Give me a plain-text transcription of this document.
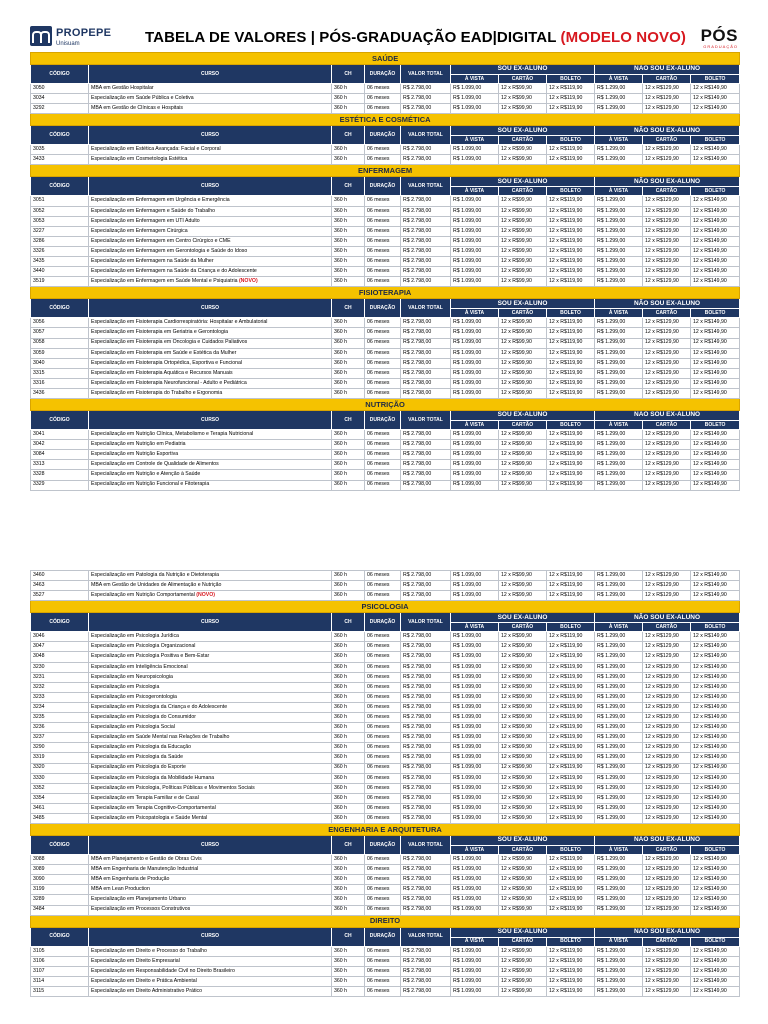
PROPEPE
Unisuam	TABELA DE VALORES | PÓS-GRADUAÇÃO EAD|DIGITAL (MODELO NOVO) PÓS
GRADUAÇÃO
SAÚDE										
CÓDIGO	CURSO	CH	DURAÇÃO	VALOR TOTAL	SOU EX-ALUNO			NÃO SOU EX-ALUNO		
					À VISTA	CARTÃO	BOLETO	À VISTA	CARTÃO	BOLETO
3050	MBA em Gestão Hospitalar	360 h	06 meses	R$ 2.798,00	R$ 1.099,00	12 x R$99,90	12 x R$119,90	R$ 1.299,00	12 x R$129,90	12 x R$149,90
3034	Especialização em Saúde Pública e Coletiva	360 h	06 meses	R$ 2.798,00	R$ 1.099,00	12 x R$99,90	12 x R$119,90	R$ 1.299,00	12 x R$129,90	12 x R$149,90
3292	MBA em Gestão de Clínicas e Hospitais	360 h	06 meses	R$ 2.798,00	R$ 1.099,00	12 x R$99,90	12 x R$119,90	R$ 1.299,00	12 x R$129,90	12 x R$149,90
ESTÉTICA E COSMÉTICA										
CÓDIGO	CURSO	CH	DURAÇÃO	VALOR TOTAL	SOU EX-ALUNO			NÃO SOU EX-ALUNO		
					À VISTA	CARTÃO	BOLETO	À VISTA	CARTÃO	BOLETO
3035	Especialização em Estética Avançada: Facial e Corporal	360 h	06 meses	R$ 2.798,00	R$ 1.099,00	12 x R$99,90	12 x R$119,90	R$ 1.299,00	12 x R$129,90	12 x R$149,90
3433	Especialização em Cosmetologia Estética	360 h	06 meses	R$ 2.798,00	R$ 1.099,00	12 x R$99,90	12 x R$119,90	R$ 1.299,00	12 x R$129,90	12 x R$149,90
ENFERMAGEM										
CÓDIGO	CURSO	CH	DURAÇÃO	VALOR TOTAL	SOU EX-ALUNO			NÃO SOU EX-ALUNO		
					À VISTA	CARTÃO	BOLETO	À VISTA	CARTÃO	BOLETO
3051	Especialização em Enfermagem em Urgência e Emergência	360 h	06 meses	R$ 2.798,00	R$ 1.099,00	12 x R$99,90	12 x R$119,90	R$ 1.299,00	12 x R$129,90	12 x R$149,90
3052	Especialização em Enfermagem e Saúde do Trabalho	360 h	06 meses	R$ 2.798,00	R$ 1.099,00	12 x R$99,90	12 x R$119,90	R$ 1.299,00	12 x R$129,90	12 x R$149,90
3053	Especialização em Enfermagem em UTI Adulto	360 h	06 meses	R$ 2.798,00	R$ 1.099,00	12 x R$99,90	12 x R$119,90	R$ 1.299,00	12 x R$129,90	12 x R$149,90
3227	Especialização em Enfermagem Cirúrgica	360 h	06 meses	R$ 2.798,00	R$ 1.099,00	12 x R$99,90	12 x R$119,90	R$ 1.299,00	12 x R$129,90	12 x R$149,90
3286	Especialização em Enfermagem em Centro Cirúrgico e CME	360 h	06 meses	R$ 2.798,00	R$ 1.099,00	12 x R$99,90	12 x R$119,90	R$ 1.299,00	12 x R$129,90	12 x R$149,90
3326	Especialização em Enfermagem em Gerontologia e Saúde do Idoso	360 h	06 meses	R$ 2.798,00	R$ 1.099,00	12 x R$99,90	12 x R$119,90	R$ 1.299,00	12 x R$129,90	12 x R$149,90
3435	Especialização em Enfermagem na Saúde da Mulher	360 h	06 meses	R$ 2.798,00	R$ 1.099,00	12 x R$99,90	12 x R$119,90	R$ 1.299,00	12 x R$129,90	12 x R$149,90
3440	Especialização em Enfermagem na Saúde da Criança e do Adolescente	360 h	06 meses	R$ 2.798,00	R$ 1.099,00	12 x R$99,90	12 x R$119,90	R$ 1.299,00	12 x R$129,90	12 x R$149,90
3519	Especialização em Enfermagem em Saúde Mental e Psiquiatria (NOVO)	360 h	06 meses	R$ 2.798,00	R$ 1.099,00	12 x R$99,90	12 x R$119,90	R$ 1.299,00	12 x R$129,90	12 x R$149,90
FISIOTERAPIA										
CÓDIGO	CURSO	CH	DURAÇÃO	VALOR TOTAL	SOU EX-ALUNO			NÃO SOU EX-ALUNO		
					À VISTA	CARTÃO	BOLETO	À VISTA	CARTÃO	BOLETO
3056	Especialização em Fisioterapia Cardiorrespiratória: Hospitalar e Ambulatorial	360 h	06 meses	R$ 2.798,00	R$ 1.099,00	12 x R$99,90	12 x R$119,90	R$ 1.299,00	12 x R$129,90	12 x R$149,90
3057	Especialização em Fisioterapia em Geriatria e Gerontologia	360 h	06 meses	R$ 2.798,00	R$ 1.099,00	12 x R$99,90	12 x R$119,90	R$ 1.299,00	12 x R$129,90	12 x R$149,90
3058	Especialização em Fisioterapia em Oncologia e Cuidados Paliativos	360 h	06 meses	R$ 2.798,00	R$ 1.099,00	12 x R$99,90	12 x R$119,90	R$ 1.299,00	12 x R$129,90	12 x R$149,90
3059	Especialização em Fisioterapia em Saúde e Estética da Mulher	360 h	06 meses	R$ 2.798,00	R$ 1.099,00	12 x R$99,90	12 x R$119,90	R$ 1.299,00	12 x R$129,90	12 x R$149,90
3040	Especialização em Fisioterapia Ortopédica, Esportiva e Funcional	360 h	06 meses	R$ 2.798,00	R$ 1.099,00	12 x R$99,90	12 x R$119,90	R$ 1.299,00	12 x R$129,90	12 x R$149,90
3315	Especialização em Fisioterapia Aquática e Recursos Manuais	360 h	06 meses	R$ 2.798,00	R$ 1.099,00	12 x R$99,90	12 x R$119,90	R$ 1.299,00	12 x R$129,90	12 x R$149,90
3316	Especialização em Fisioterapia Neurofuncional - Adulto e Pediátrica	360 h	06 meses	R$ 2.798,00	R$ 1.099,00	12 x R$99,90	12 x R$119,90	R$ 1.299,00	12 x R$129,90	12 x R$149,90
3436	Especialização em Fisioterapia do Trabalho e Ergonomia	360 h	06 meses	R$ 2.798,00	R$ 1.099,00	12 x R$99,90	12 x R$119,90	R$ 1.299,00	12 x R$129,90	12 x R$149,90
NUTRIÇÃO										
CÓDIGO	CURSO	CH	DURAÇÃO	VALOR TOTAL	SOU EX-ALUNO			NÃO SOU EX-ALUNO		
					À VISTA	CARTÃO	BOLETO	À VISTA	CARTÃO	BOLETO
3041	Especialização em Nutrição Clínica, Metabolismo e Terapia Nutricional	360 h	06 meses	R$ 2.798,00	R$ 1.099,00	12 x R$99,90	12 x R$119,90	R$ 1.299,00	12 x R$129,90	12 x R$149,90
3042	Especialização em Nutrição em Pediatria	360 h	06 meses	R$ 2.798,00	R$ 1.099,00	12 x R$99,90	12 x R$119,90	R$ 1.299,00	12 x R$129,90	12 x R$149,90
3084	Especialização em Nutrição Esportiva	360 h	06 meses	R$ 2.798,00	R$ 1.099,00	12 x R$99,90	12 x R$119,90	R$ 1.299,00	12 x R$129,90	12 x R$149,90
3313	Especialização em Controle de Qualidade de Alimentos	360 h	06 meses	R$ 2.798,00	R$ 1.099,00	12 x R$99,90	12 x R$119,90	R$ 1.299,00	12 x R$129,90	12 x R$149,90
3328	Especialização em Nutrição e Atenção à Saúde	360 h	06 meses	R$ 2.798,00	R$ 1.099,00	12 x R$99,90	12 x R$119,90	R$ 1.299,00	12 x R$129,90	12 x R$149,90
3329	Especialização em Nutrição Funcional e Fitoterapia	360 h	06 meses	R$ 2.798,00	R$ 1.099,00	12 x R$99,90	12 x R$119,90	R$ 1.299,00	12 x R$129,90	12 x R$149,90
3460	Especialização em Patologia da Nutrição e Dietoterapia	360 h	06 meses	R$ 2.798,00	R$ 1.099,00	12 x R$99,90	12 x R$119,90	R$ 1.299,00	12 x R$129,90	12 x R$149,90
3463	MBA em Gestão de Unidades de Alimentação e Nutrição	360 h	06 meses	R$ 2.798,00	R$ 1.099,00	12 x R$99,90	12 x R$119,90	R$ 1.299,00	12 x R$129,90	12 x R$149,90
3527	Especialização em Nutrição Comportamental (NOVO)	360 h	06 meses	R$ 2.798,00	R$ 1.099,00	12 x R$99,90	12 x R$119,90	R$ 1.299,00	12 x R$129,90	12 x R$149,90
PSICOLOGIA										
CÓDIGO	CURSO	CH	DURAÇÃO	VALOR TOTAL	SOU EX-ALUNO			NÃO SOU EX-ALUNO		
					À VISTA	CARTÃO	BOLETO	À VISTA	CARTÃO	BOLETO
3046	Especialização em Psicologia Jurídica	360 h	06 meses	R$ 2.798,00	R$ 1.099,00	12 x R$99,90	12 x R$119,90	R$ 1.299,00	12 x R$129,90	12 x R$149,90
3047	Especialização em Psicologia Organizacional	360 h	06 meses	R$ 2.798,00	R$ 1.099,00	12 x R$99,90	12 x R$119,90	R$ 1.299,00	12 x R$129,90	12 x R$149,90
3048	Especialização em Psicologia Positiva e Bem-Estar	360 h	06 meses	R$ 2.798,00	R$ 1.099,00	12 x R$99,90	12 x R$119,90	R$ 1.299,00	12 x R$129,90	12 x R$149,90
3230	Especialização em Inteligência Emocional	360 h	06 meses	R$ 2.798,00	R$ 1.099,00	12 x R$99,90	12 x R$119,90	R$ 1.299,00	12 x R$129,90	12 x R$149,90
3231	Especialização em Neuropsicologia	360 h	06 meses	R$ 2.798,00	R$ 1.099,00	12 x R$99,90	12 x R$119,90	R$ 1.299,00	12 x R$129,90	12 x R$149,90
3232	Especialização em Psicologia	360 h	06 meses	R$ 2.798,00	R$ 1.099,00	12 x R$99,90	12 x R$119,90	R$ 1.299,00	12 x R$129,90	12 x R$149,90
3233	Especialização em Psicogerontologia	360 h	06 meses	R$ 2.798,00	R$ 1.099,00	12 x R$99,90	12 x R$119,90	R$ 1.299,00	12 x R$129,90	12 x R$149,90
3234	Especialização em Psicologia da Criança e do Adolescente	360 h	06 meses	R$ 2.798,00	R$ 1.099,00	12 x R$99,90	12 x R$119,90	R$ 1.299,00	12 x R$129,90	12 x R$149,90
3235	Especialização em Psicologia do Consumidor	360 h	06 meses	R$ 2.798,00	R$ 1.099,00	12 x R$99,90	12 x R$119,90	R$ 1.299,00	12 x R$129,90	12 x R$149,90
3236	Especialização em Psicologia Social	360 h	06 meses	R$ 2.798,00	R$ 1.099,00	12 x R$99,90	12 x R$119,90	R$ 1.299,00	12 x R$129,90	12 x R$149,90
3237	Especialização em Saúde Mental nas Relações de Trabalho	360 h	06 meses	R$ 2.798,00	R$ 1.099,00	12 x R$99,90	12 x R$119,90	R$ 1.299,00	12 x R$129,90	12 x R$149,90
3290	Especialização em Psicologia da Educação	360 h	06 meses	R$ 2.798,00	R$ 1.099,00	12 x R$99,90	12 x R$119,90	R$ 1.299,00	12 x R$129,90	12 x R$149,90
3319	Especialização em Psicologia da Saúde	360 h	06 meses	R$ 2.798,00	R$ 1.099,00	12 x R$99,90	12 x R$119,90	R$ 1.299,00	12 x R$129,90	12 x R$149,90
3320	Especialização em Psicologia do Esporte	360 h	06 meses	R$ 2.798,00	R$ 1.099,00	12 x R$99,90	12 x R$119,90	R$ 1.299,00	12 x R$129,90	12 x R$149,90
3330	Especialização em Psicologia da Mobilidade Humana	360 h	06 meses	R$ 2.798,00	R$ 1.099,00	12 x R$99,90	12 x R$119,90	R$ 1.299,00	12 x R$129,90	12 x R$149,90
3352	Especialização em Psicologia, Políticas Públicas e Movimentos Sociais	360 h	06 meses	R$ 2.798,00	R$ 1.099,00	12 x R$99,90	12 x R$119,90	R$ 1.299,00	12 x R$129,90	12 x R$149,90
3354	Especialização em Terapia Familiar e de Casal	360 h	06 meses	R$ 2.798,00	R$ 1.099,00	12 x R$99,90	12 x R$119,90	R$ 1.299,00	12 x R$129,90	12 x R$149,90
3461	Especialização em Terapia Cognitivo-Comportamental	360 h	06 meses	R$ 2.798,00	R$ 1.099,00	12 x R$99,90	12 x R$119,90	R$ 1.299,00	12 x R$129,90	12 x R$149,90
3485	Especialização em Psicopatologia e Saúde Mental	360 h	06 meses	R$ 2.798,00	R$ 1.099,00	12 x R$99,90	12 x R$119,90	R$ 1.299,00	12 x R$129,90	12 x R$149,90
ENGENHARIA E ARQUITETURA										
CÓDIGO	CURSO	CH	DURAÇÃO	VALOR TOTAL	SOU EX-ALUNO			NÃO SOU EX-ALUNO		
					À VISTA	CARTÃO	BOLETO	À VISTA	CARTÃO	BOLETO
3088	MBA em Planejamento e Gestão de Obras Civis	360 h	06 meses	R$ 2.798,00	R$ 1.099,00	12 x R$99,90	12 x R$119,90	R$ 1.299,00	12 x R$129,90	12 x R$149,90
3089	MBA em Engenharia de Manutenção Industrial	360 h	06 meses	R$ 2.798,00	R$ 1.099,00	12 x R$99,90	12 x R$119,90	R$ 1.299,00	12 x R$129,90	12 x R$149,90
3090	MBA em Engenharia de Produção	360 h	06 meses	R$ 2.798,00	R$ 1.099,00	12 x R$99,90	12 x R$119,90	R$ 1.299,00	12 x R$129,90	12 x R$149,90
3199	MBA em Lean Production	360 h	06 meses	R$ 2.798,00	R$ 1.099,00	12 x R$99,90	12 x R$119,90	R$ 1.299,00	12 x R$129,90	12 x R$149,90
3289	Especialização em Planejamento Urbano	360 h	06 meses	R$ 2.798,00	R$ 1.099,00	12 x R$99,90	12 x R$119,90	R$ 1.299,00	12 x R$129,90	12 x R$149,90
3484	Especialização em Processos Construtivos	360 h	06 meses	R$ 2.798,00	R$ 1.099,00	12 x R$99,90	12 x R$119,90	R$ 1.299,00	12 x R$129,90	12 x R$149,90
DIREITO										
CÓDIGO	CURSO	CH	DURAÇÃO	VALOR TOTAL	SOU EX-ALUNO			NÃO SOU EX-ALUNO		
					À VISTA	CARTÃO	BOLETO	À VISTA	CARTÃO	BOLETO
3105	Especialização em Direito e Processo do Trabalho	360 h	06 meses	R$ 2.798,00	R$ 1.099,00	12 x R$99,90	12 x R$119,90	R$ 1.299,00	12 x R$129,90	12 x R$149,90
3106	Especialização em Direito Empresarial	360 h	06 meses	R$ 2.798,00	R$ 1.099,00	12 x R$99,90	12 x R$119,90	R$ 1.299,00	12 x R$129,90	12 x R$149,90
3107	Especialização em Responsabilidade Civil no Direito Brasileiro	360 h	06 meses	R$ 2.798,00	R$ 1.099,00	12 x R$99,90	12 x R$119,90	R$ 1.299,00	12 x R$129,90	12 x R$149,90
3114	Especialização em Direito e Prática Ambiental	360 h	06 meses	R$ 2.798,00	R$ 1.099,00	12 x R$99,90	12 x R$119,90	R$ 1.299,00	12 x R$129,90	12 x R$149,90
3115	Especialização em Direito Administrativo Prático	360 h	06 meses	R$ 2.798,00	R$ 1.099,00	12 x R$99,90	12 x R$119,90	R$ 1.299,00	12 x R$129,90	12 x R$149,90
